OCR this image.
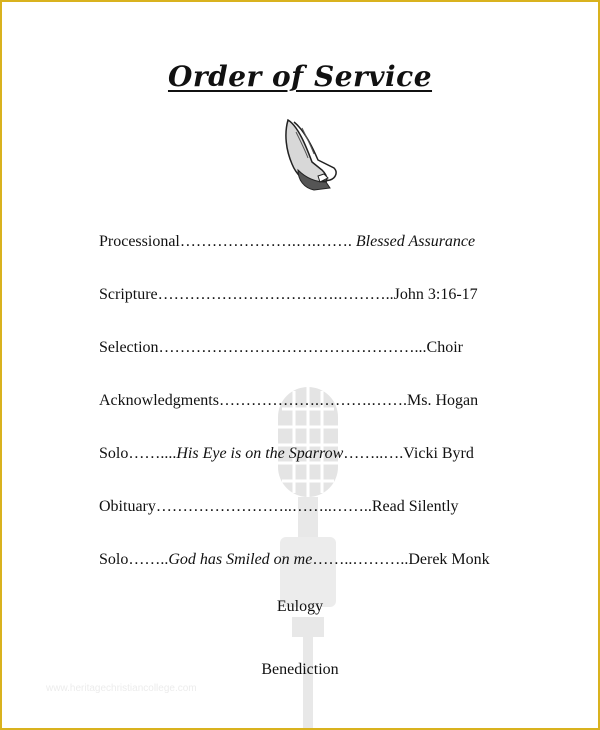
Order of Service
Processional………………….….……. Blessed Assurance
Scripture…………………………….………..John 3:16-17
Selection…………………………………………...Choir
Acknowledgments……………….……….…….Ms. Hogan
Solo……....His Eye is on the Sparrow……..….Vicki Byrd
Obituary……………………..……..……..Read Silently
Solo……..God has Smiled on me……..………..Derek Monk
Eulogy
Benediction
www.heritagechristiancollege.com
